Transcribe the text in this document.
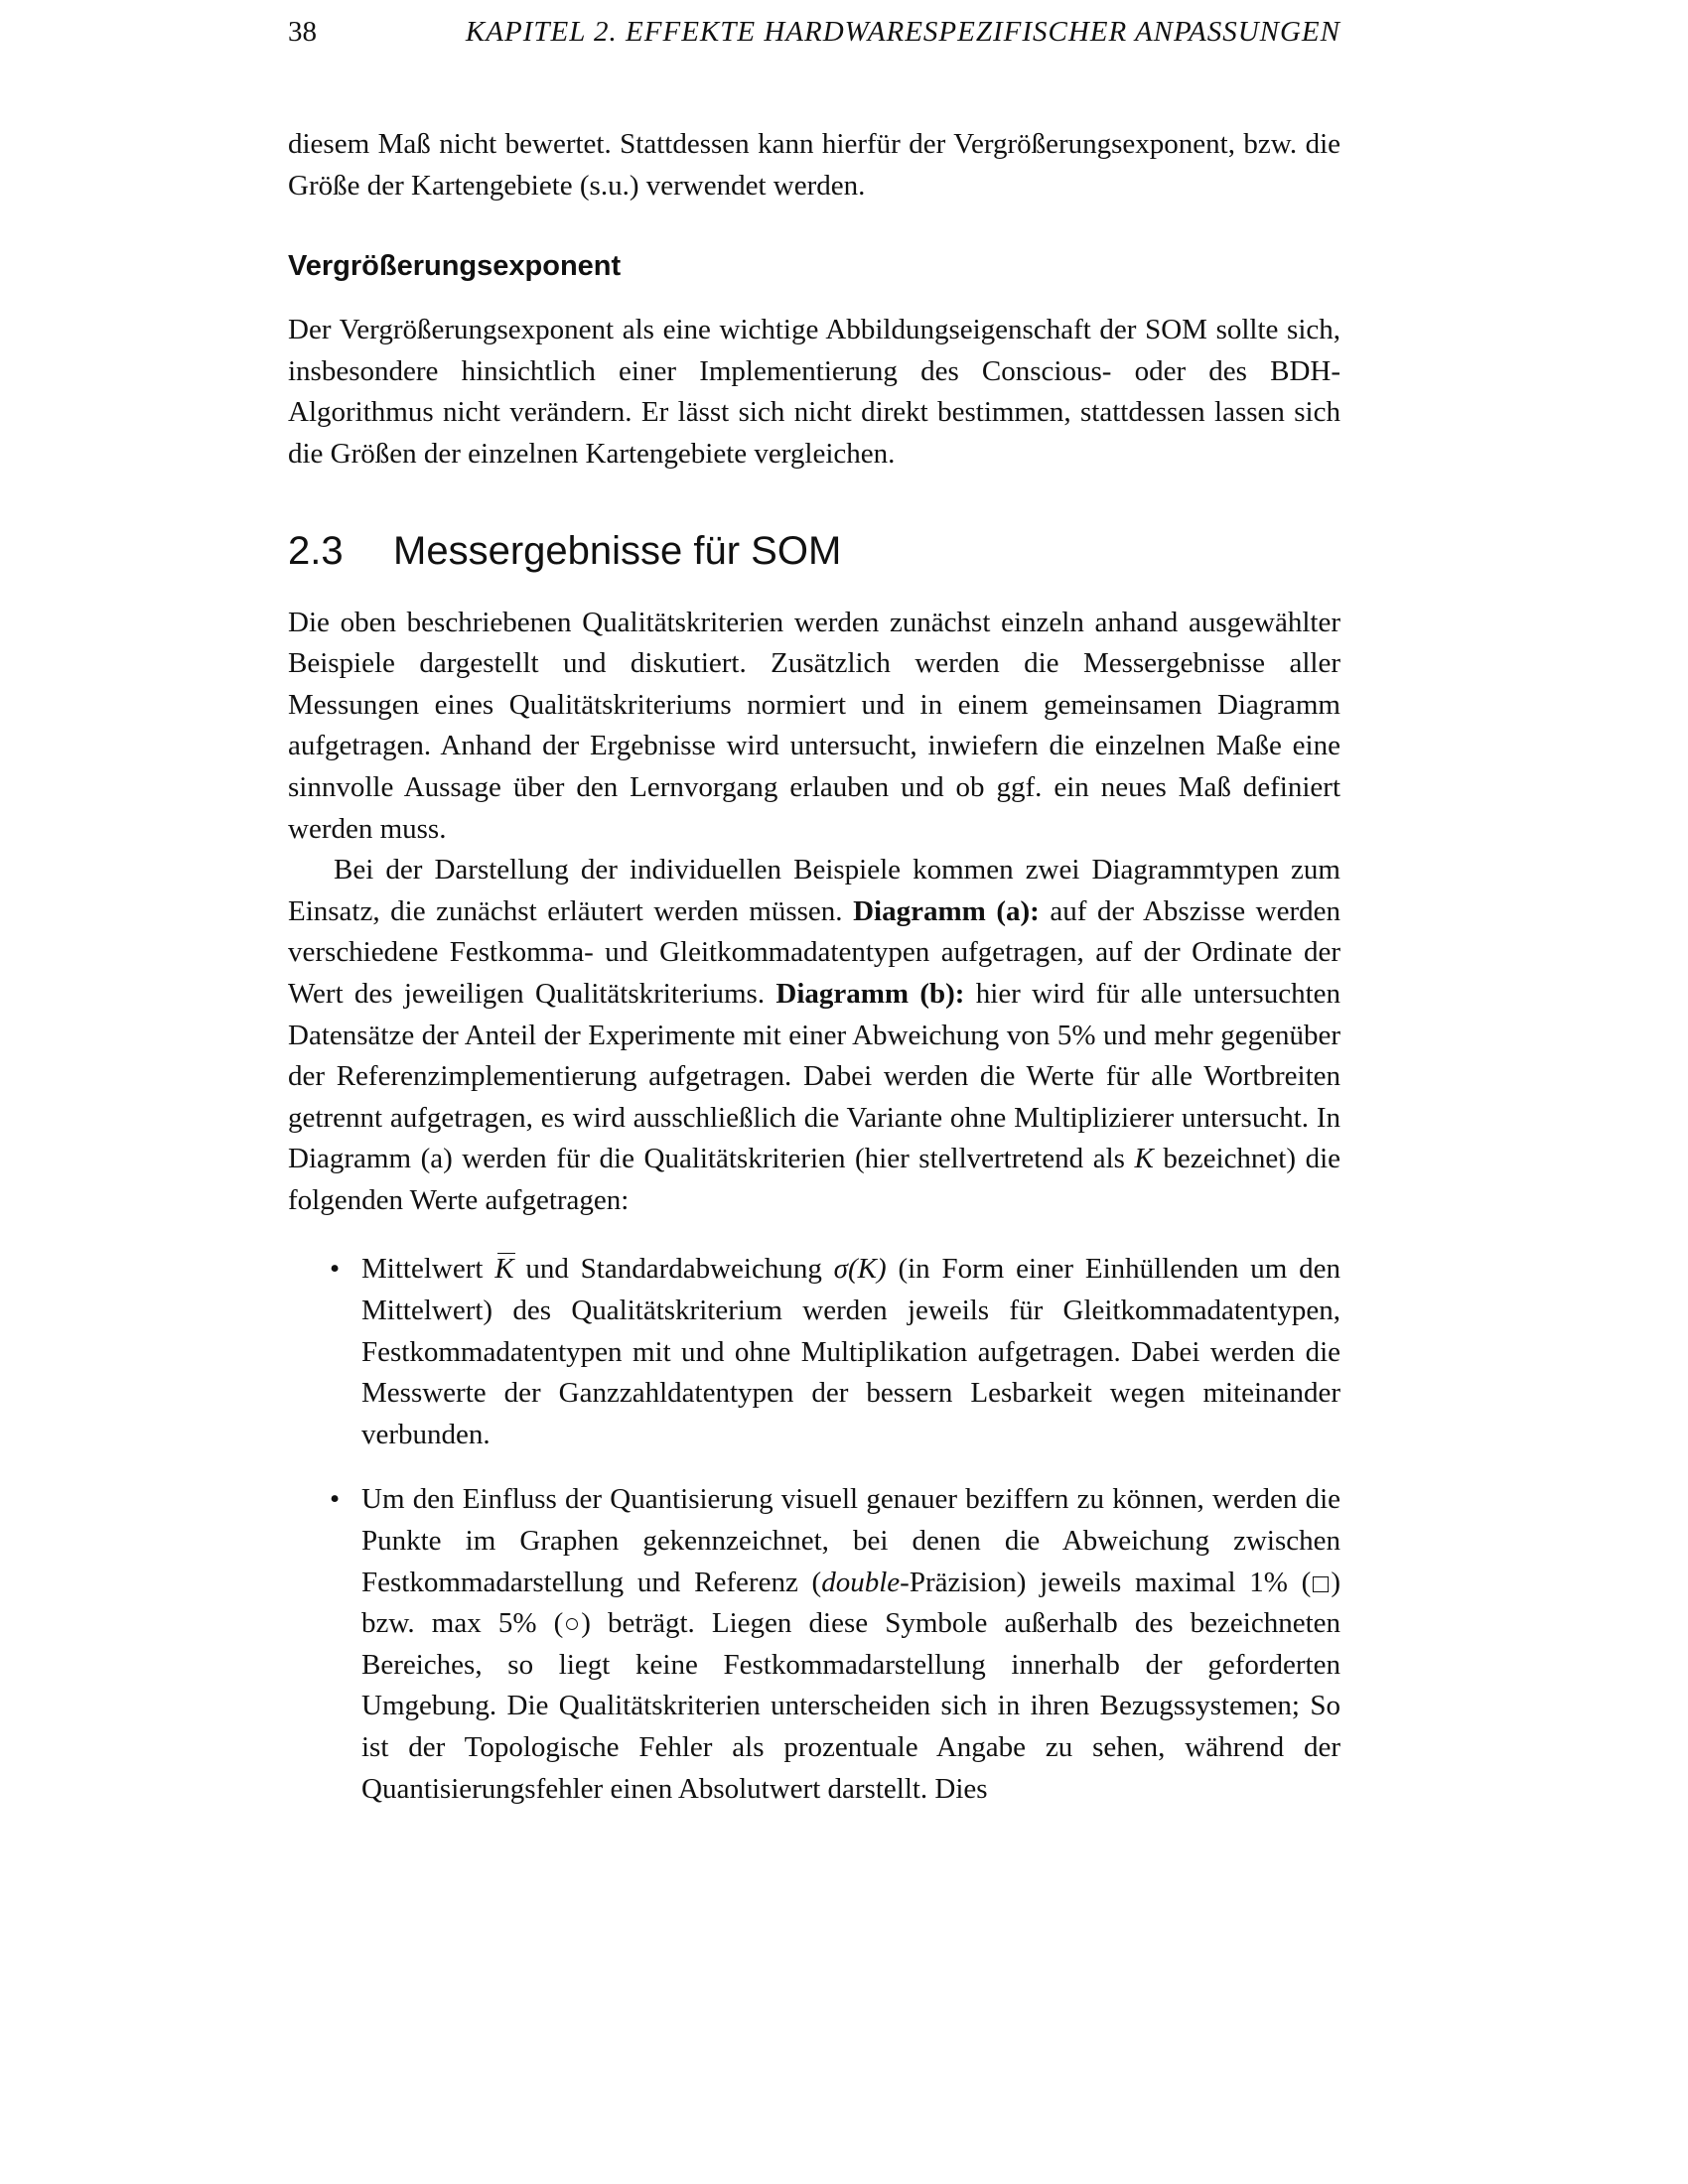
38	KAPITEL 2. EFFEKTE HARDWARESPEZIFISCHER ANPASSUNGEN

diesem Maß nicht bewertet. Stattdessen kann hierfür der Vergrößerungsexponent, bzw. die Größe der Kartengebiete (s.u.) verwendet werden.

Vergrößerungsexponent

Der Vergrößerungsexponent als eine wichtige Abbildungseigenschaft der SOM sollte sich, insbesondere hinsichtlich einer Implementierung des Conscious- oder des BDH-Algorithmus nicht verändern. Er lässt sich nicht direkt bestimmen, stattdessen lassen sich die Größen der einzelnen Kartengebiete vergleichen.

2.3	Messergebnisse für SOM

Die oben beschriebenen Qualitätskriterien werden zunächst einzeln anhand ausgewählter Beispiele dargestellt und diskutiert. Zusätzlich werden die Messergebnisse aller Messungen eines Qualitätskriteriums normiert und in einem gemeinsamen Diagramm aufgetragen. Anhand der Ergebnisse wird untersucht, inwiefern die einzelnen Maße eine sinnvolle Aussage über den Lernvorgang erlauben und ob ggf. ein neues Maß definiert werden muss.

Bei der Darstellung der individuellen Beispiele kommen zwei Diagrammtypen zum Einsatz, die zunächst erläutert werden müssen. Diagramm (a): auf der Abszisse werden verschiedene Festkomma- und Gleitkommadatentypen aufgetragen, auf der Ordinate der Wert des jeweiligen Qualitätskriteriums. Diagramm (b): hier wird für alle untersuchten Datensätze der Anteil der Experimente mit einer Abweichung von 5% und mehr gegenüber der Referenzimplementierung aufgetragen. Dabei werden die Werte für alle Wortbreiten getrennt aufgetragen, es wird ausschließlich die Variante ohne Multiplizierer untersucht. In Diagramm (a) werden für die Qualitätskriterien (hier stellvertretend als K bezeichnet) die folgenden Werte aufgetragen:

• Mittelwert K und Standardabweichung σ(K) (in Form einer Einhüllenden um den Mittelwert) des Qualitätskriterium werden jeweils für Gleitkommadatentypen, Festkommadatentypen mit und ohne Multiplikation aufgetragen. Dabei werden die Messwerte der Ganzzahldatentypen der bessern Lesbarkeit wegen miteinander verbunden.
• Um den Einfluss der Quantisierung visuell genauer beziffern zu können, werden die Punkte im Graphen gekennzeichnet, bei denen die Abweichung zwischen Festkommadarstellung und Referenz (double-Präzision) jeweils maximal 1% ( ) bzw. max 5% ( ) beträgt. Liegen diese Symbole außerhalb des bezeichneten Bereiches, so liegt keine Festkommadarstellung innerhalb der geforderten Umgebung. Die Qualitätskriterien unterscheiden sich in ihren Bezugssystemen; So ist der Topologische Fehler als prozentuale Angabe zu sehen, während der Quantisierungsfehler einen Absolutwert darstellt. Dies
